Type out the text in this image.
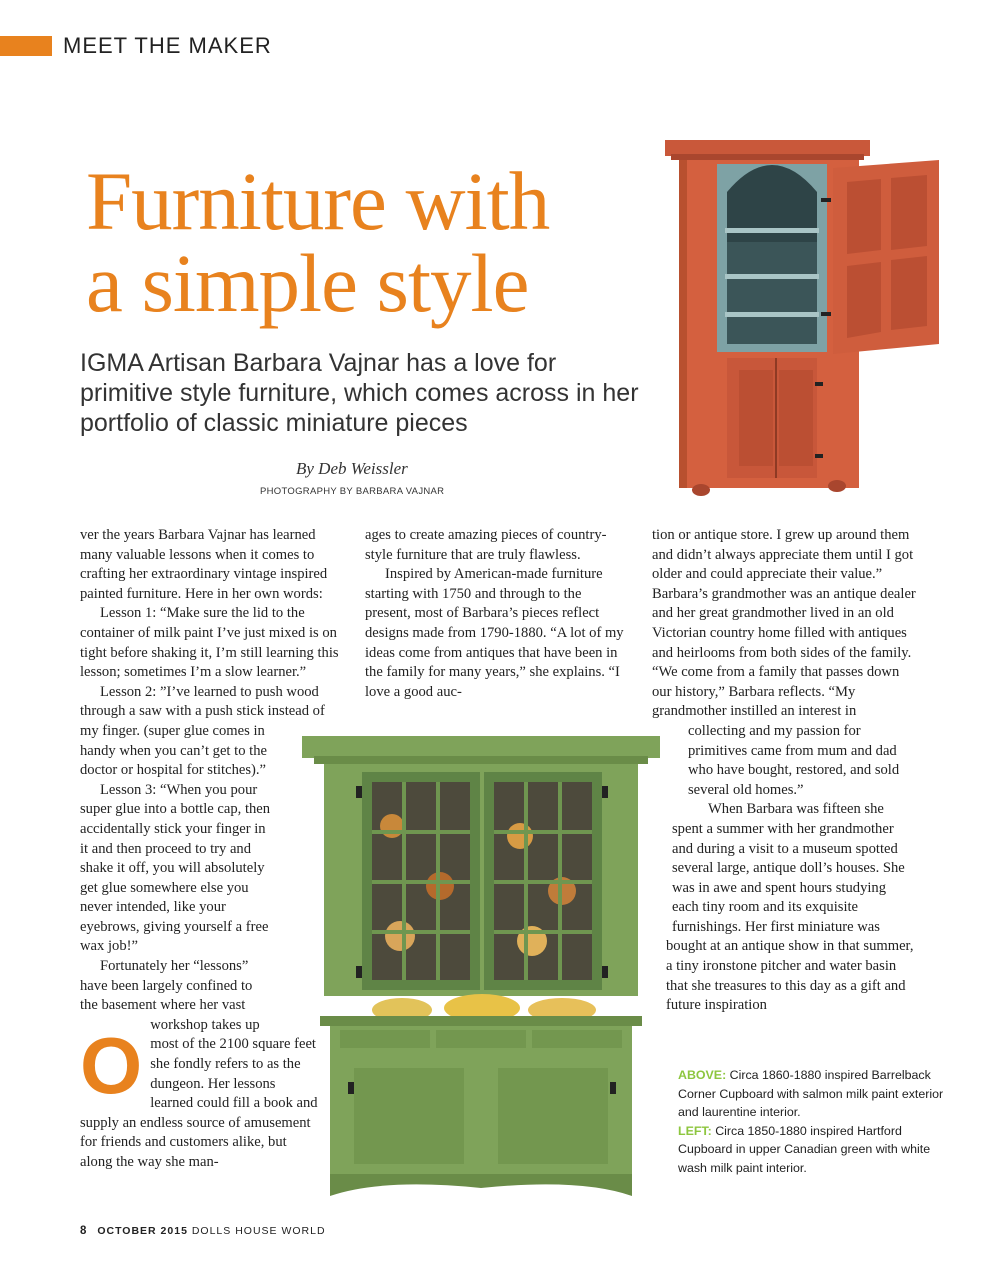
MEET THE MAKER
Furniture with
a simple style

IGMA Artisan Barbara Vajnar has a love for primitive style furniture, which comes across in her portfolio of classic miniature pieces

By Deb Weissler
PHOTOGRAPHY BY BARBARA VAJNAR
O

ver the years Barbara Vajnar has learned many valuable lessons when it comes to crafting her extraordinary vintage inspired painted furniture. Here in her own words:

Lesson 1: “Make sure the lid to the container of milk paint I’ve just mixed is on tight before shaking it, I’m still learning this lesson; sometimes I’m a slow learner.”

Lesson 2: ”I’ve learned to push wood through a saw with a push stick instead of my finger. (super glue comes in handy when you can’t get to the doctor or hospital for stitches).”

Lesson 3: “When you pour super glue into a bottle cap, then accidentally stick your finger in it and then proceed to try and shake it off, you will absolutely get glue somewhere else you never intended, like your eyebrows, giving yourself a free wax job!”

Fortunately her “lessons” have been largely confined to the basement where her vast workshop takes up most of the 2100 square feet she fondly refers to as the dungeon. Her lessons learned could fill a book and supply an endless source of amusement for friends and customers alike, but along the way she man-

ages to create amazing pieces of country-style furniture that are truly flawless.

Inspired by American-made furniture starting with 1750 and through to the present, most of Barbara’s pieces reflect designs made from 1790-1880. “A lot of my ideas come from antiques that have been in the family for many years,” she explains. “I love a good auc-

tion or antique store. I grew up around them and didn’t always appreciate them until I got older and could appreciate their value.” Barbara’s grandmother was an antique dealer and her great grandmother lived in an old Victorian country home filled with antiques and heirlooms from both sides of the family. “We come from a family that passes down our history,” Barbara reflects. “My grandmother instilled an interest in collecting and my passion for primitives came from mum and dad who have bought, restored, and sold several old homes.”

When Barbara was fifteen she spent a summer with her grandmother and during a visit to a museum spotted several large, antique doll’s houses. She was in awe and spent hours studying each tiny room and its exquisite furnishings. Her first miniature was bought at an antique show in that summer, a tiny ironstone pitcher and water basin that she treasures to this day as a gift and future inspiration

ABOVE: Circa 1860-1880 inspired Barrelback Corner Cupboard with salmon milk paint exterior and laurentine interior.

LEFT: Circa 1850-1880 inspired Hartford Cupboard in upper Canadian green with white wash milk paint interior.

8 OCTOBER 2015 DOLLS HOUSE WORLD
